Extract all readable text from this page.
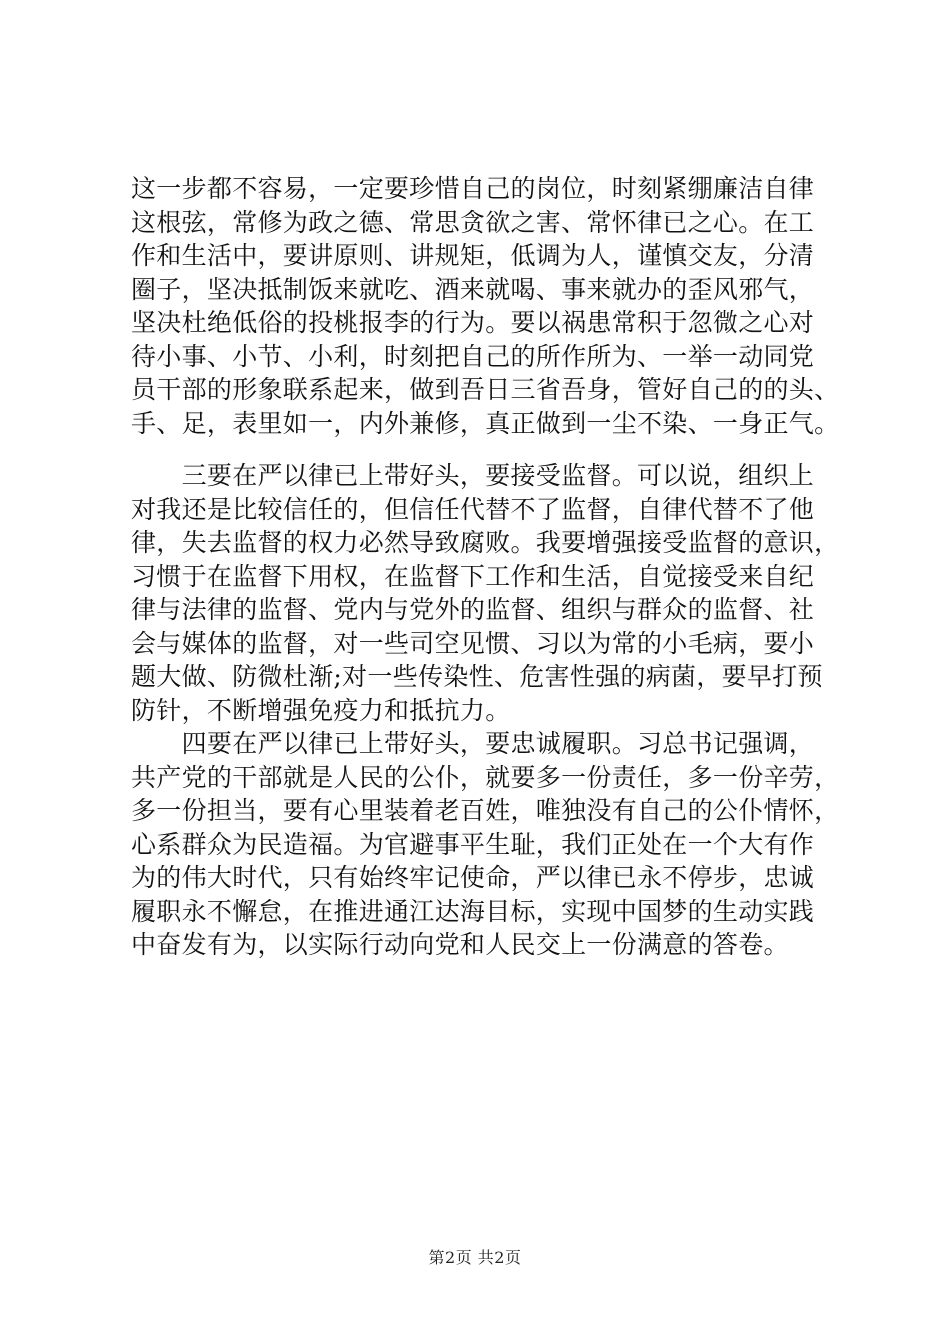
这一步都不容易，一定要珍惜自己的岗位，时刻紧绷廉洁自律
这根弦，常修为政之德、常思贪欲之害、常怀律已之心。在工
作和生活中，要讲原则、讲规矩，低调为人，谨慎交友，分清
圈子，坚决抵制饭来就吃、酒来就喝、事来就办的歪风邪气，
坚决杜绝低俗的投桃报李的行为。要以祸患常积于忽微之心对
待小事、小节、小利，时刻把自己的所作所为、一举一动同党
员干部的形象联系起来，做到吾日三省吾身，管好自己的的头、
手、足，表里如一，内外兼修，真正做到一尘不染、一身正气。

　　三要在严以律已上带好头，要接受监督。可以说，组织上
对我还是比较信任的，但信任代替不了监督，自律代替不了他
律，失去监督的权力必然导致腐败。我要增强接受监督的意识，
习惯于在监督下用权，在监督下工作和生活，自觉接受来自纪
律与法律的监督、党内与党外的监督、组织与群众的监督、社
会与媒体的监督，对一些司空见惯、习以为常的小毛病，要小
题大做、防微杜渐;对一些传染性、危害性强的病菌，要早打预
防针，不断增强免疫力和抵抗力。

　　四要在严以律已上带好头，要忠诚履职。习总书记强调，
共产党的干部就是人民的公仆，就要多一份责任，多一份辛劳，
多一份担当，要有心里装着老百姓，唯独没有自己的公仆情怀，
心系群众为民造福。为官避事平生耻，我们正处在一个大有作
为的伟大时代，只有始终牢记使命，严以律已永不停步，忠诚
履职永不懈怠，在推进通江达海目标，实现中国梦的生动实践
中奋发有为，以实际行动向党和人民交上一份满意的答卷。

第2页 共2页
